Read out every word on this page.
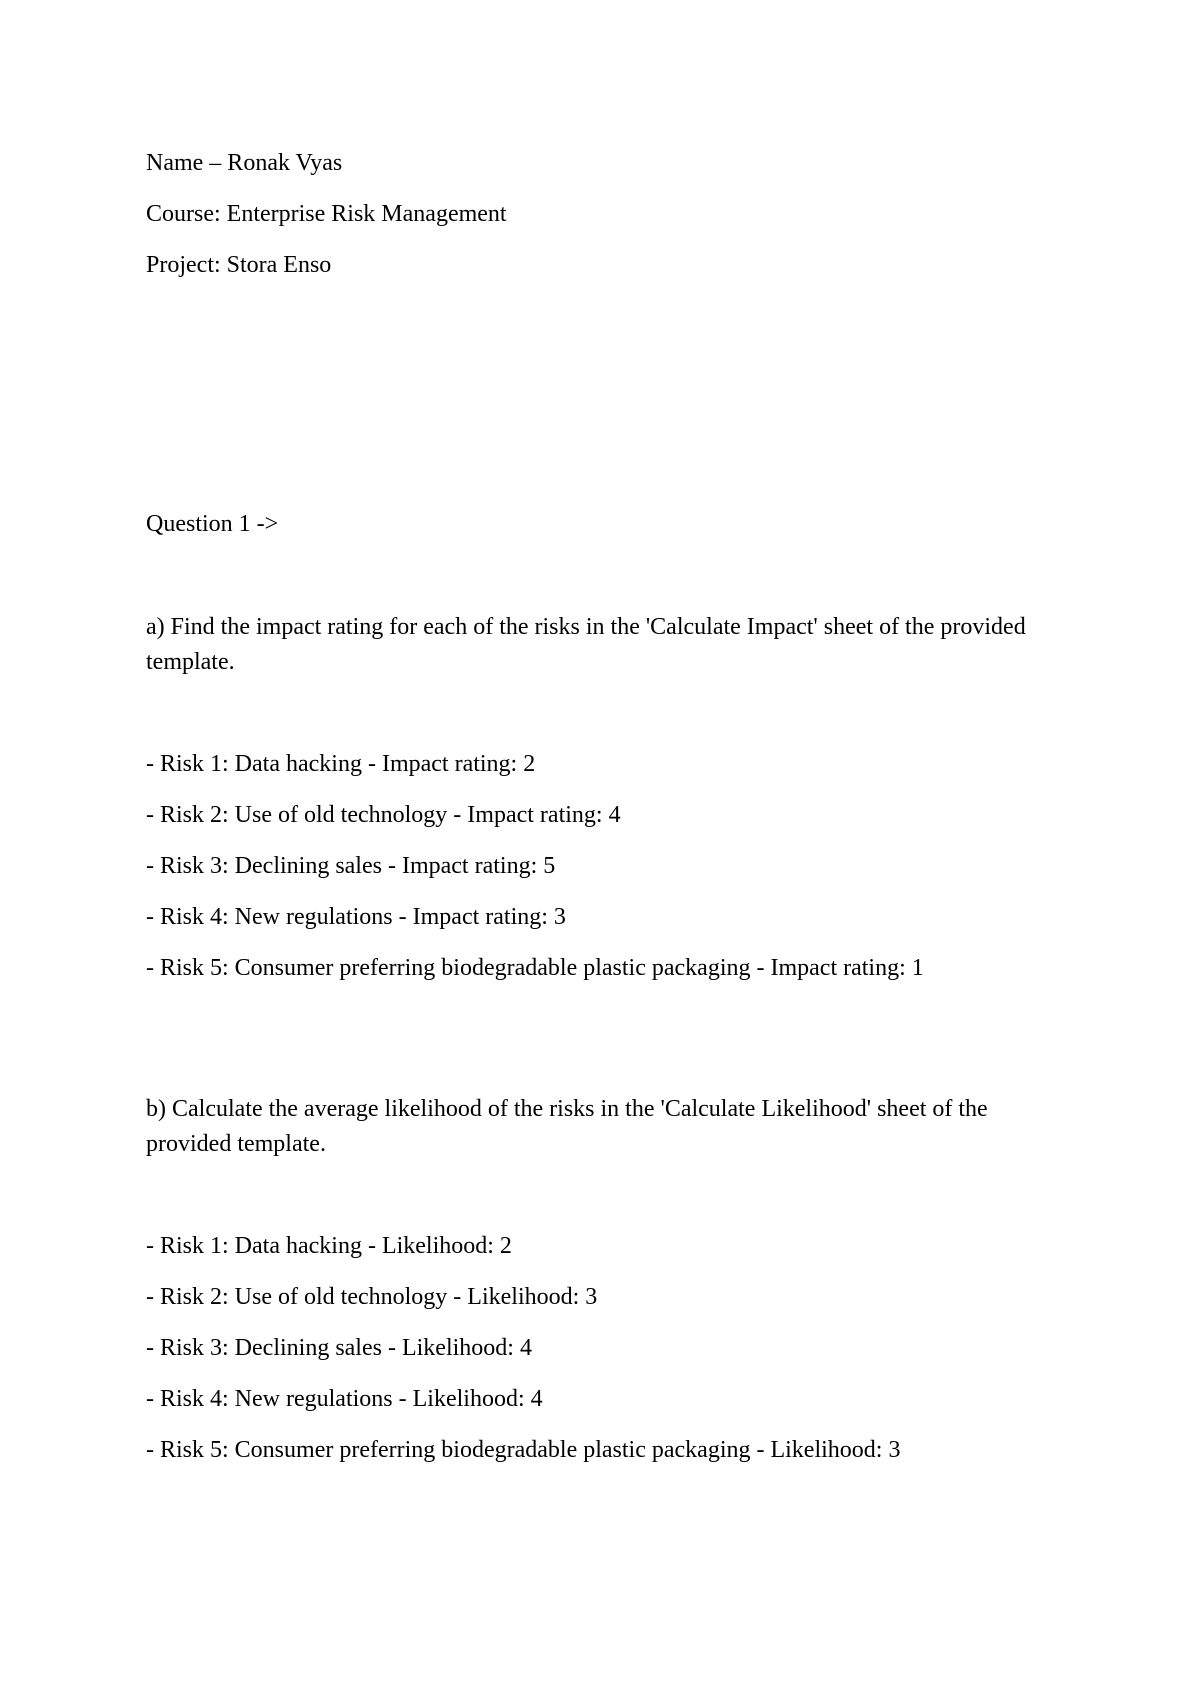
Name – Ronak Vyas

Course: Enterprise Risk Management

Project: Stora Enso

Question 1 ->

a) Find the impact rating for each of the risks in the 'Calculate Impact' sheet of the provided template.

- Risk 1: Data hacking - Impact rating: 2
- Risk 2: Use of old technology - Impact rating: 4
- Risk 3: Declining sales - Impact rating: 5
- Risk 4: New regulations - Impact rating: 3
- Risk 5: Consumer preferring biodegradable plastic packaging - Impact rating: 1

b) Calculate the average likelihood of the risks in the 'Calculate Likelihood' sheet of the provided template.

- Risk 1: Data hacking - Likelihood: 2
- Risk 2: Use of old technology - Likelihood: 3
- Risk 3: Declining sales - Likelihood: 4
- Risk 4: New regulations - Likelihood: 4
- Risk 5: Consumer preferring biodegradable plastic packaging - Likelihood: 3
